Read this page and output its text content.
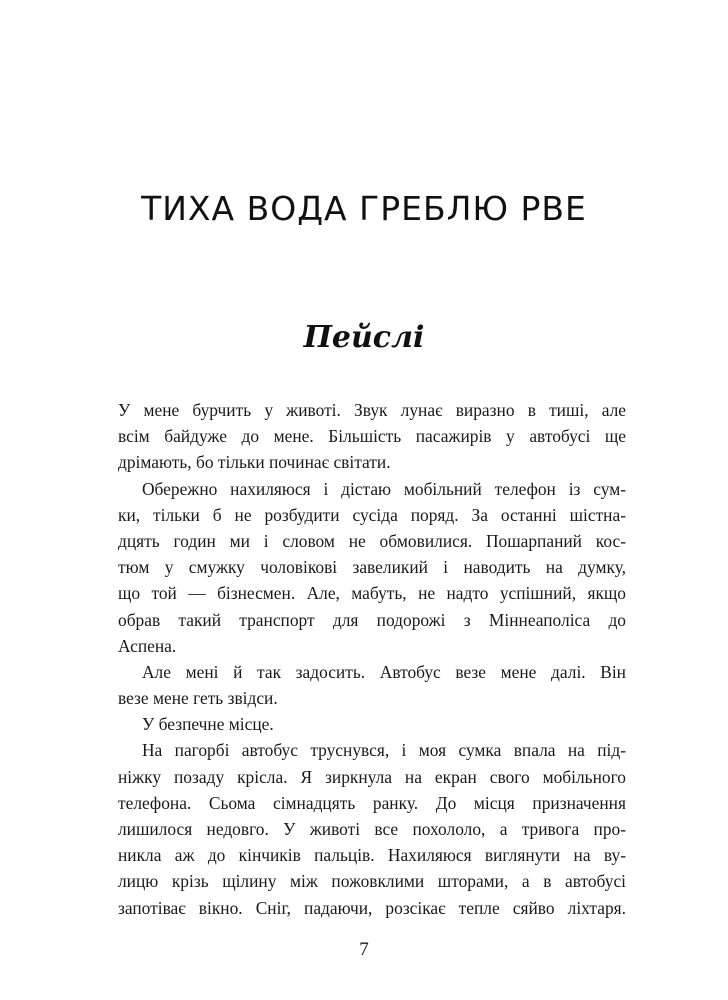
ТИХА ВОДА ГРЕБЛЮ РВЕ
Пейслі
У мене бурчить у животі. Звук лунає виразно в тиші, але
всім байдуже до мене. Більшість пасажирів у автобусі ще
дрімають, бо тільки починає світати.
Обережно нахиляюся і дістаю мобільний телефон із сум-
ки, тільки б не розбудити сусіда поряд. За останні шістна-
дцять годин ми і словом не обмовилися. Пошарпаний кос-
тюм у смужку чоловікові завеликий і наводить на думку,
що той — бізнесмен. Але, мабуть, не надто успішний, якщо
обрав такий транспорт для подорожі з Міннеаполіса до
Аспена.
Але мені й так задосить. Автобус везе мене далі. Він
везе мене геть звідси.
У безпечне місце.
На пагорбі автобус труснувся, і моя сумка впала на під-
ніжку позаду крісла. Я зиркнула на екран свого мобільного
телефона. Сьома сімнадцять ранку. До місця призначення
лишилося недовго. У животі все похололо, а тривога про-
никла аж до кінчиків пальців. Нахиляюся виглянути на ву-
лицю крізь щілину між пожовклими шторами, а в автобусі
запотіває вікно. Сніг, падаючи, розсікає тепле сяйво ліхтаря.
7
